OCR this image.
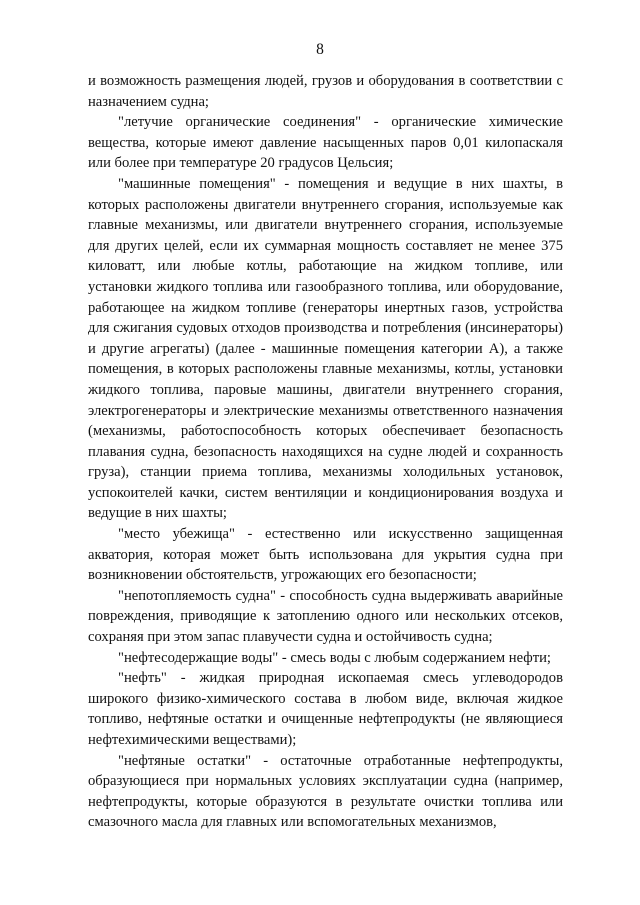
8

и возможность размещения людей, грузов и оборудования в соответствии с назначением судна;

"летучие органические соединения" - органические химические вещества, которые имеют давление насыщенных паров 0,01 килопаскаля или более при температуре 20 градусов Цельсия;

"машинные помещения" - помещения и ведущие в них шахты, в которых расположены двигатели внутреннего сгорания, используемые как главные механизмы, или двигатели внутреннего сгорания, используемые для других целей, если их суммарная мощность составляет не менее 375 киловатт, или любые котлы, работающие на жидком топливе, или установки жидкого топлива или газообразного топлива, или оборудование, работающее на жидком топливе (генераторы инертных газов, устройства для сжигания судовых отходов производства и потребления (инсинераторы) и другие агрегаты) (далее - машинные помещения категории А), а также помещения, в которых расположены главные механизмы, котлы, установки жидкого топлива, паровые машины, двигатели внутреннего сгорания, электрогенераторы и электрические механизмы ответственного назначения (механизмы, работоспособность которых обеспечивает безопасность плавания судна, безопасность находящихся на судне людей и сохранность груза), станции приема топлива, механизмы холодильных установок, успокоителей качки, систем вентиляции и кондиционирования воздуха и ведущие в них шахты;

"место убежища" - естественно или искусственно защищенная акватория, которая может быть использована для укрытия судна при возникновении обстоятельств, угрожающих его безопасности;

"непотопляемость судна" - способность судна выдерживать аварийные повреждения, приводящие к затоплению одного или нескольких отсеков, сохраняя при этом запас плавучести судна и остойчивость судна;

"нефтесодержащие воды" - смесь воды с любым содержанием нефти;

"нефть" - жидкая природная ископаемая смесь углеводородов широкого физико-химического состава в любом виде, включая жидкое топливо, нефтяные остатки и очищенные нефтепродукты (не являющиеся нефтехимическими веществами);

"нефтяные остатки" - остаточные отработанные нефтепродукты, образующиеся при нормальных условиях эксплуатации судна (например, нефтепродукты, которые образуются в результате очистки топлива или смазочного масла для главных или вспомогательных механизмов,
